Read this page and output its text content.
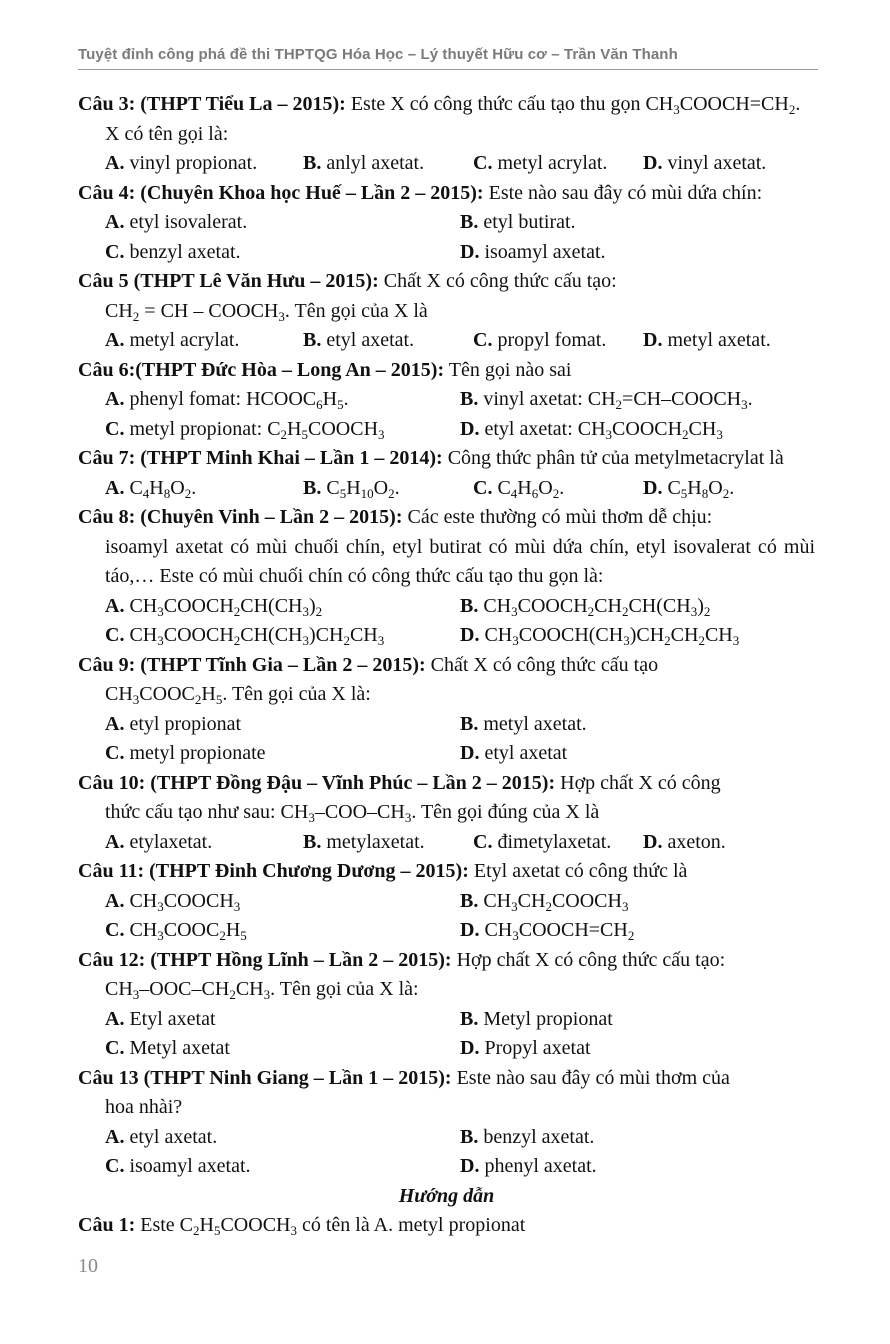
Tuyệt đỉnh công phá đề thi THPTQG Hóa Học – Lý thuyết Hữu cơ – Trần Văn Thanh
Câu 3: (THPT Tiểu La – 2015): Este X có công thức cấu tạo thu gọn $CH_3COOCH=CH_2$.
X có tên gọi là:
A. vinyl propionat.	B. anlyl axetat.	C. metyl acrylat.	D. vinyl axetat.
Câu 4: (Chuyên Khoa học Huế – Lần 2 – 2015): Este nào sau đây có mùi dứa chín:
A. etyl isovalerat.	B. etyl butirat.
C. benzyl axetat.	D. isoamyl axetat.
Câu 5 (THPT Lê Văn Hưu – 2015): Chất X có công thức cấu tạo:
$CH_2$ = CH – $COOCH_3$. Tên gọi của X là
A. metyl acrylat.	B. etyl axetat.	C. propyl fomat.	D. metyl axetat.
Câu 6:(THPT Đức Hòa – Long An – 2015): Tên gọi nào sai
A. phenyl fomat: $HCOOC_6H_5$.	B. vinyl axetat: $CH_2=CH-COOCH_3$.
C. metyl propionat: $C_2H_5COOCH_3$	D. etyl axetat: $CH_3COOCH_2CH_3$
Câu 7: (THPT Minh Khai – Lần 1 – 2014): Công thức phân tử của metylmetacrylat là
A. $C_4H_8O_2$.	B. $C_5H_{10}O_2$.	C. $C_4H_6O_2$.	D. $C_5H_8O_2$.
Câu 8: (Chuyên Vinh – Lần 2 – 2015): Các este thường có mùi thơm dễ chịu:
isoamyl axetat có mùi chuối chín, etyl butirat có mùi dứa chín, etyl isovalerat có mùi táo,… Este có mùi chuối chín có công thức cấu tạo thu gọn là:
A. $CH_3COOCH_2CH(CH_3)_2$	B. $CH_3COOCH_2CH_2CH(CH_3)_2$
C. $CH_3COOCH_2CH(CH_3)CH_2CH_3$	D. $CH_3COOCH(CH_3)CH_2CH_2CH_3$
Câu 9: (THPT Tĩnh Gia – Lần 2 – 2015): Chất X có công thức cấu tạo
$CH_3COOC_2H_5$. Tên gọi của X là:
A. etyl propionat	B. metyl axetat.
C. metyl propionate	D. etyl axetat
Câu 10: (THPT Đồng Đậu – Vĩnh Phúc – Lần 2 – 2015): Hợp chất X có công
thức cấu tạo như sau: $CH_3-COO-CH_3$. Tên gọi đúng của X là
A. etylaxetat.	B. metylaxetat.	C. đimetylaxetat.	D. axeton.
Câu 11: (THPT Đinh Chương Dương – 2015): Etyl axetat có công thức là
A. $CH_3COOCH_3$	B. $CH_3CH_2COOCH_3$
C. $CH_3COOC_2H_5$	D. $CH_3COOCH=CH_2$
Câu 12: (THPT Hồng Lĩnh – Lần 2 – 2015): Hợp chất X có công thức cấu tạo:
$CH_3-OOC-CH_2CH_3$. Tên gọi của X là:
A. Etyl axetat	B. Metyl propionat
C. Metyl axetat	D. Propyl axetat
Câu 13 (THPT Ninh Giang – Lần 1 – 2015): Este nào sau đây có mùi thơm của
hoa nhài?
A. etyl axetat.	B. benzyl axetat.
C. isoamyl axetat.	D. phenyl axetat.
Hướng dẫn
Câu 1: Este $C_2H_5COOCH_3$ có tên là A. metyl propionat
10
